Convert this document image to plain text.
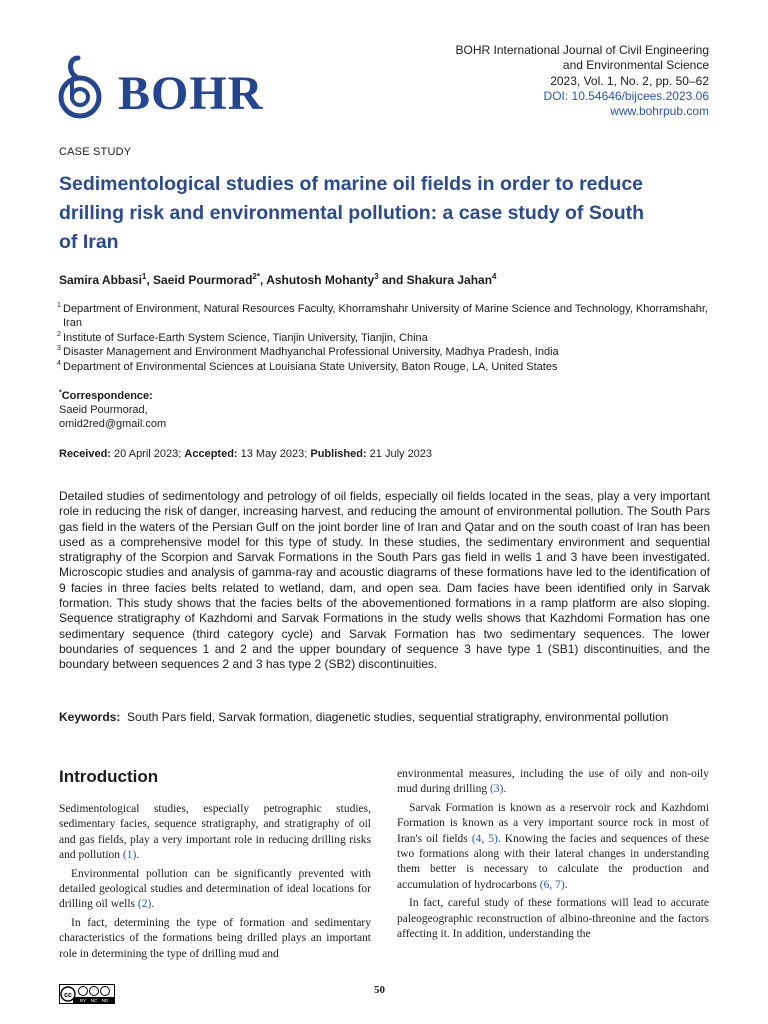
BOHR
BOHR International Journal of Civil Engineering
and Environmental Science
2023, Vol. 1, No. 2, pp. 50–62
DOI: 10.54646/bijcees.2023.06
www.bohrpub.com
CASE STUDY
Sedimentological studies of marine oil fields in order to reduce drilling risk and environmental pollution: a case study of South of Iran
Samira Abbasi$^1$, Saeid Pourmorad$^{2*}$, Ashutosh Mohanty$^3$ and Shakura Jahan$^4$
1 Department of Environment, Natural Resources Faculty, Khorramshahr University of Marine Science and Technology, Khorramshahr, Iran
2 Institute of Surface-Earth System Science, Tianjin University, Tianjin, China
3 Disaster Management and Environment Madhyanchal Professional University, Madhya Pradesh, India
4 Department of Environmental Sciences at Louisiana State University, Baton Rouge, LA, United States
*Correspondence:
Saeid Pourmorad,
omid2red@gmail.com
Received: 20 April 2023; Accepted: 13 May 2023; Published: 21 July 2023

Detailed studies of sedimentology and petrology of oil fields, especially oil fields located in the seas, play a very important role in reducing the risk of danger, increasing harvest, and reducing the amount of environmental pollution. The South Pars gas field in the waters of the Persian Gulf on the joint border line of Iran and Qatar and on the south coast of Iran has been used as a comprehensive model for this type of study. In these studies, the sedimentary environment and sequential stratigraphy of the Scorpion and Sarvak Formations in the South Pars gas field in wells 1 and 3 have been investigated. Microscopic studies and analysis of gamma-ray and acoustic diagrams of these formations have led to the identification of 9 facies in three facies belts related to wetland, dam, and open sea. Dam facies have been identified only in Sarvak formation. This study shows that the facies belts of the abovementioned formations in a ramp platform are also sloping. Sequence stratigraphy of Kazhdomi and Sarvak Formations in the study wells shows that Kazhdomi Formation has one sedimentary sequence (third category cycle) and Sarvak Formation has two sedimentary sequences. The lower boundaries of sequences 1 and 2 and the upper boundary of sequence 3 have type 1 (SB1) discontinuities, and the boundary between sequences 2 and 3 has type 2 (SB2) discontinuities.

Keywords: South Pars field, Sarvak formation, diagenetic studies, sequential stratigraphy, environmental pollution
Introduction

Sedimentological studies, especially petrographic studies, sedimentary facies, sequence stratigraphy, and stratigraphy of oil and gas fields, play a very important role in reducing drilling risks and pollution (1).

Environmental pollution can be significantly prevented with detailed geological studies and determination of ideal locations for drilling oil wells (2).

In fact, determining the type of formation and sedimentary characteristics of the formations being drilled plays an important role in determining the type of drilling mud and

environmental measures, including the use of oily and non-oily mud during drilling (3).

Sarvak Formation is known as a reservoir rock and Kazhdomi Formation is known as a very important source rock in most of Iran's oil fields (4, 5). Knowing the facies and sequences of these two formations along with their lateral changes in understanding them better is necessary to calculate the production and accumulation of hydrocarbons (6, 7).

In fact, careful study of these formations will lead to accurate paleogeographic reconstruction of albino-threonine and the factors affecting it. In addition, understanding the

cc
BY NC ND
50
